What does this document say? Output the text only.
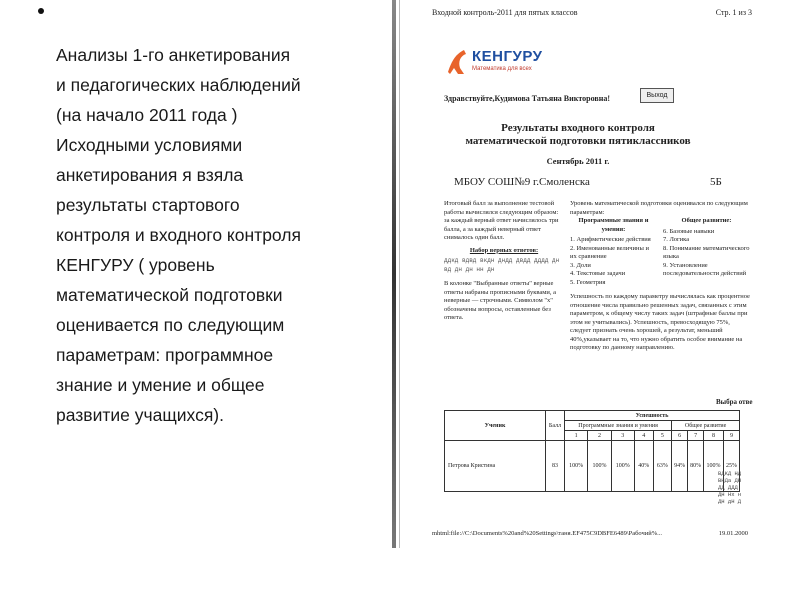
Анализы 1-го анкетирования
и педагогических наблюдений
(на начало 2011 года )
Исходными условиями
анкетирования я взяла
результаты стартового
контроля и входного контроля
КЕНГУРУ ( уровень
математической подготовки
оценивается по следующим
параметрам: программное
знание и умение и общее
развитие учащихся).
Входной контроль-2011 для пятых классов	Стр. 1 из 3
КЕНГУРУ
Математика для всех
Здравствуйте,Кудимова Татьяна Викторовна!	Выход
Результаты входного контроля
математической подготовки пятиклассников
Сентябрь 2011 г.
МБОУ СОШ№9 г.Смоленска	5Б
Итоговый балл за выполнение тестовой работы вычислялся следующим образом: за каждый верный ответ начислялось три балла, а за каждый неверный ответ снималось один балл.
Набор верных ответов:
ддкд вдвд вкдн дндд двдд дддд дн вд дн дн нн дн
В колонке "Выбранные ответы" верные ответы набраны прописными буквами, а неверные — строчными. Символом "х" обозначены вопросы, оставленные без ответа.
Уровень математической подготовки оценивался по следующим параметрам:
Программные знания и умения:
1. Арифметические действия
2. Именованные величины и их сравнение
3. Доли
4. Текстовые задачи
5. Геометрия
Общее развитие:
6. Базовые навыки
7. Логика
8. Понимание математического языка
9. Установление последовательности действий
Успешность по каждому параметру вычислялась как процентное отношение числа правильно решенных задач, связанных с этим параметром, к общему числу таких задач (штрафные баллы при этом не учитывались). Успешность, превосходящую 75%, следует признать очень хорошей, а результат, меньший 40%,указывает на то, что нужно обратить особое внимание на подготовку по данному направлению.
Ученик	Балл	Успешность								
		Программные знания и умения					Общее развитие			
		1	2	3	4	5	6	7	8	9
Петрова Кристина	83	100%	100%	100%	40%	63%	94%	80%	100%	25%
Выбра отве
ВДКД НД
ВНДа ДН
ДД ДДД
ДН Нх н
ДН дН Д
mhtml:file://C:\Documents%20and%20Settings\таня.EF475C9DBFE6489\Рабочий%...	19.01.2000
